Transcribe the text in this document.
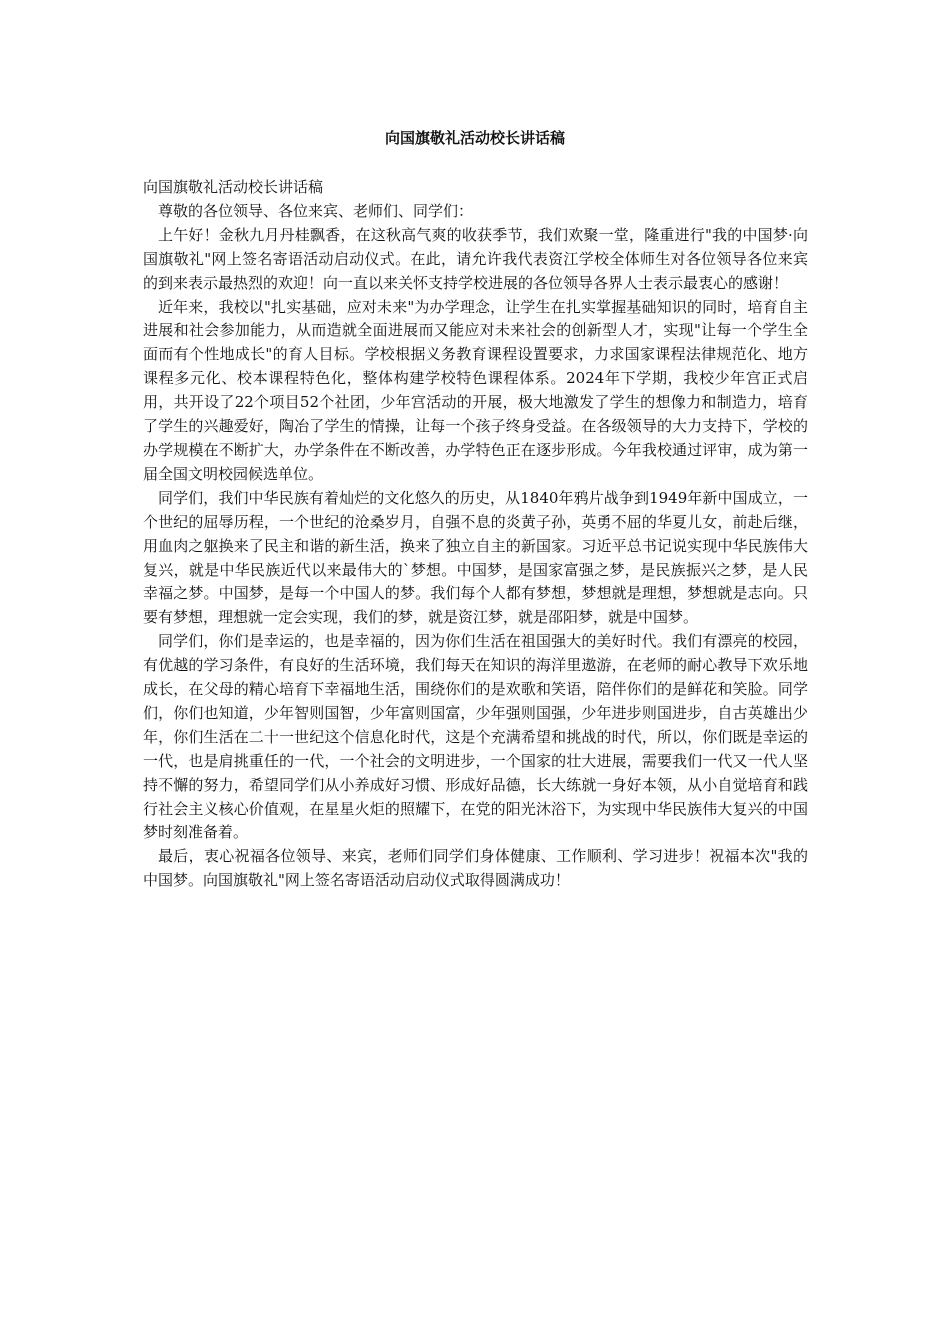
向国旗敬礼活动校长讲话稿

向国旗敬礼活动校长讲话稿

尊敬的各位领导、各位来宾、老师们、同学们：

上午好！金秋九月丹桂飘香，在这秋高气爽的收获季节，我们欢聚一堂，隆重进行"我的中国梦·向国旗敬礼"网上签名寄语活动启动仪式。在此，请允许我代表资江学校全体师生对各位领导各位来宾的到来表示最热烈的欢迎！向一直以来关怀支持学校进展的各位领导各界人士表示最衷心的感谢！

近年来，我校以"扎实基础，应对未来"为办学理念，让学生在扎实掌握基础知识的同时，培育自主进展和社会参加能力，从而造就全面进展而又能应对未来社会的创新型人才，实现"让每一个学生全面而有个性地成长"的育人目标。学校根据义务教育课程设置要求，力求国家课程法律规范化、地方课程多元化、校本课程特色化，整体构建学校特色课程体系。2024年下学期，我校少年宫正式启用，共开设了22个项目52个社团，少年宫活动的开展，极大地激发了学生的想像力和制造力，培育了学生的兴趣爱好，陶冶了学生的情操，让每一个孩子终身受益。在各级领导的大力支持下，学校的办学规模在不断扩大，办学条件在不断改善，办学特色正在逐步形成。今年我校通过评审，成为第一届全国文明校园候选单位。

同学们，我们中华民族有着灿烂的文化悠久的历史，从1840年鸦片战争到1949年新中国成立，一个世纪的屈辱历程，一个世纪的沧桑岁月，自强不息的炎黄子孙，英勇不屈的华夏儿女，前赴后继，用血肉之躯换来了民主和谐的新生活，换来了独立自主的新国家。习近平总书记说实现中华民族伟大复兴，就是中华民族近代以来最伟大的`梦想。中国梦，是国家富强之梦，是民族振兴之梦，是人民幸福之梦。中国梦，是每一个中国人的梦。我们每个人都有梦想，梦想就是理想，梦想就是志向。只要有梦想，理想就一定会实现，我们的梦，就是资江梦，就是邵阳梦，就是中国梦。

同学们，你们是幸运的，也是幸福的，因为你们生活在祖国强大的美好时代。我们有漂亮的校园，有优越的学习条件，有良好的生活环境，我们每天在知识的海洋里遨游，在老师的耐心教导下欢乐地成长，在父母的精心培育下幸福地生活，围绕你们的是欢歌和笑语，陪伴你们的是鲜花和笑脸。同学们，你们也知道，少年智则国智，少年富则国富，少年强则国强，少年进步则国进步，自古英雄出少年，你们生活在二十一世纪这个信息化时代，这是个充满希望和挑战的时代，所以，你们既是幸运的一代，也是肩挑重任的一代，一个社会的文明进步，一个国家的壮大进展，需要我们一代又一代人坚持不懈的努力，希望同学们从小养成好习惯、形成好品德，长大练就一身好本领，从小自觉培育和践行社会主义核心价值观，在星星火炬的照耀下，在党的阳光沐浴下，为实现中华民族伟大复兴的中国梦时刻准备着。

最后，衷心祝福各位领导、来宾，老师们同学们身体健康、工作顺利、学习进步！祝福本次"我的中国梦。向国旗敬礼"网上签名寄语活动启动仪式取得圆满成功！
